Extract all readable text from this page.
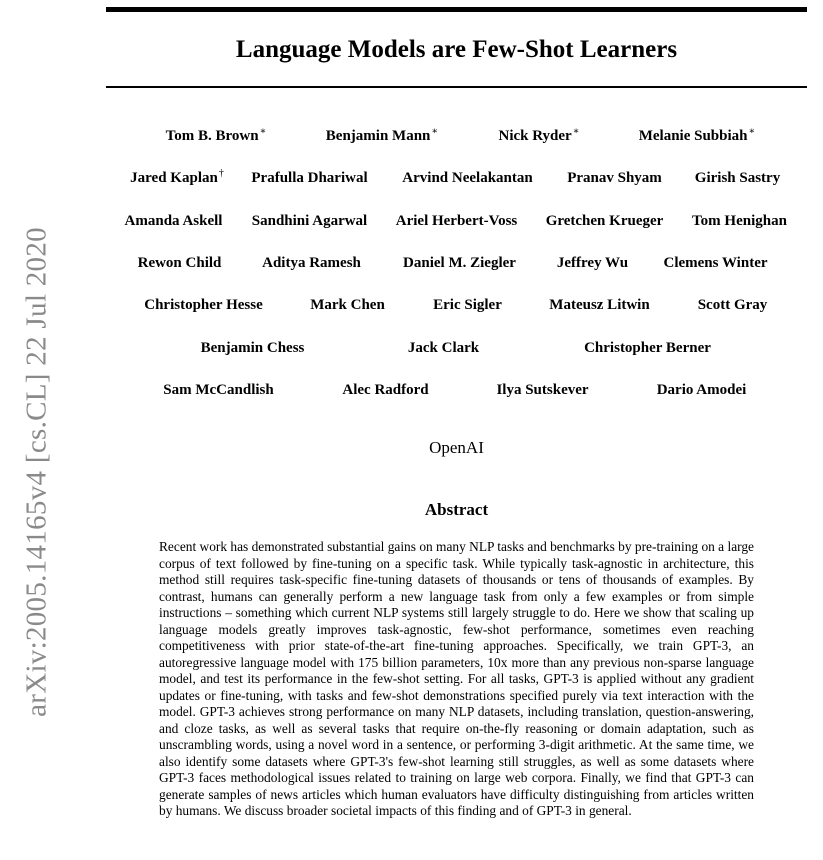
arXiv:2005.14165v4 [cs.CL] 22 Jul 2020
Language Models are Few-Shot Learners
Tom B. Brown∗	Benjamin Mann∗	Nick Ryder∗	Melanie Subbiah∗
Jared Kaplan† Prafulla Dhariwal Arvind Neelakantan Pranav Shyam Girish Sastry
Amanda Askell Sandhini Agarwal Ariel Herbert-Voss Gretchen Krueger Tom Henighan
Rewon Child	Aditya Ramesh	Daniel M. Ziegler	Jeffrey Wu Clemens Winter
Christopher Hesse	Mark Chen	Eric Sigler	Mateusz Litwin	Scott Gray
Benjamin Chess	Jack Clark	Christopher Berner
Sam McCandlish	Alec Radford	Ilya Sutskever	Dario Amodei
OpenAI
Abstract

Recent work has demonstrated substantial gains on many NLP tasks and benchmarks by pre-training on a large corpus of text followed by fine-tuning on a specific task. While typically task-agnostic in architecture, this method still requires task-specific fine-tuning datasets of thousands or tens of thousands of examples. By contrast, humans can generally perform a new language task from only a few examples or from simple instructions – something which current NLP systems still largely struggle to do. Here we show that scaling up language models greatly improves task-agnostic, few-shot performance, sometimes even reaching competitiveness with prior state-of-the-art fine-tuning approaches. Specifically, we train GPT-3, an autoregressive language model with 175 billion parameters, 10x more than any previous non-sparse language model, and test its performance in the few-shot setting. For all tasks, GPT-3 is applied without any gradient updates or fine-tuning, with tasks and few-shot demonstrations specified purely via text interaction with the model. GPT-3 achieves strong performance on many NLP datasets, including translation, question-answering, and cloze tasks, as well as several tasks that require on-the-fly reasoning or domain adaptation, such as unscrambling words, using a novel word in a sentence, or performing 3-digit arithmetic. At the same time, we also identify some datasets where GPT-3's few-shot learning still struggles, as well as some datasets where GPT-3 faces methodological issues related to training on large web corpora. Finally, we find that GPT-3 can generate samples of news articles which human evaluators have difficulty distinguishing from articles written by humans. We discuss broader societal impacts of this finding and of GPT-3 in general.
